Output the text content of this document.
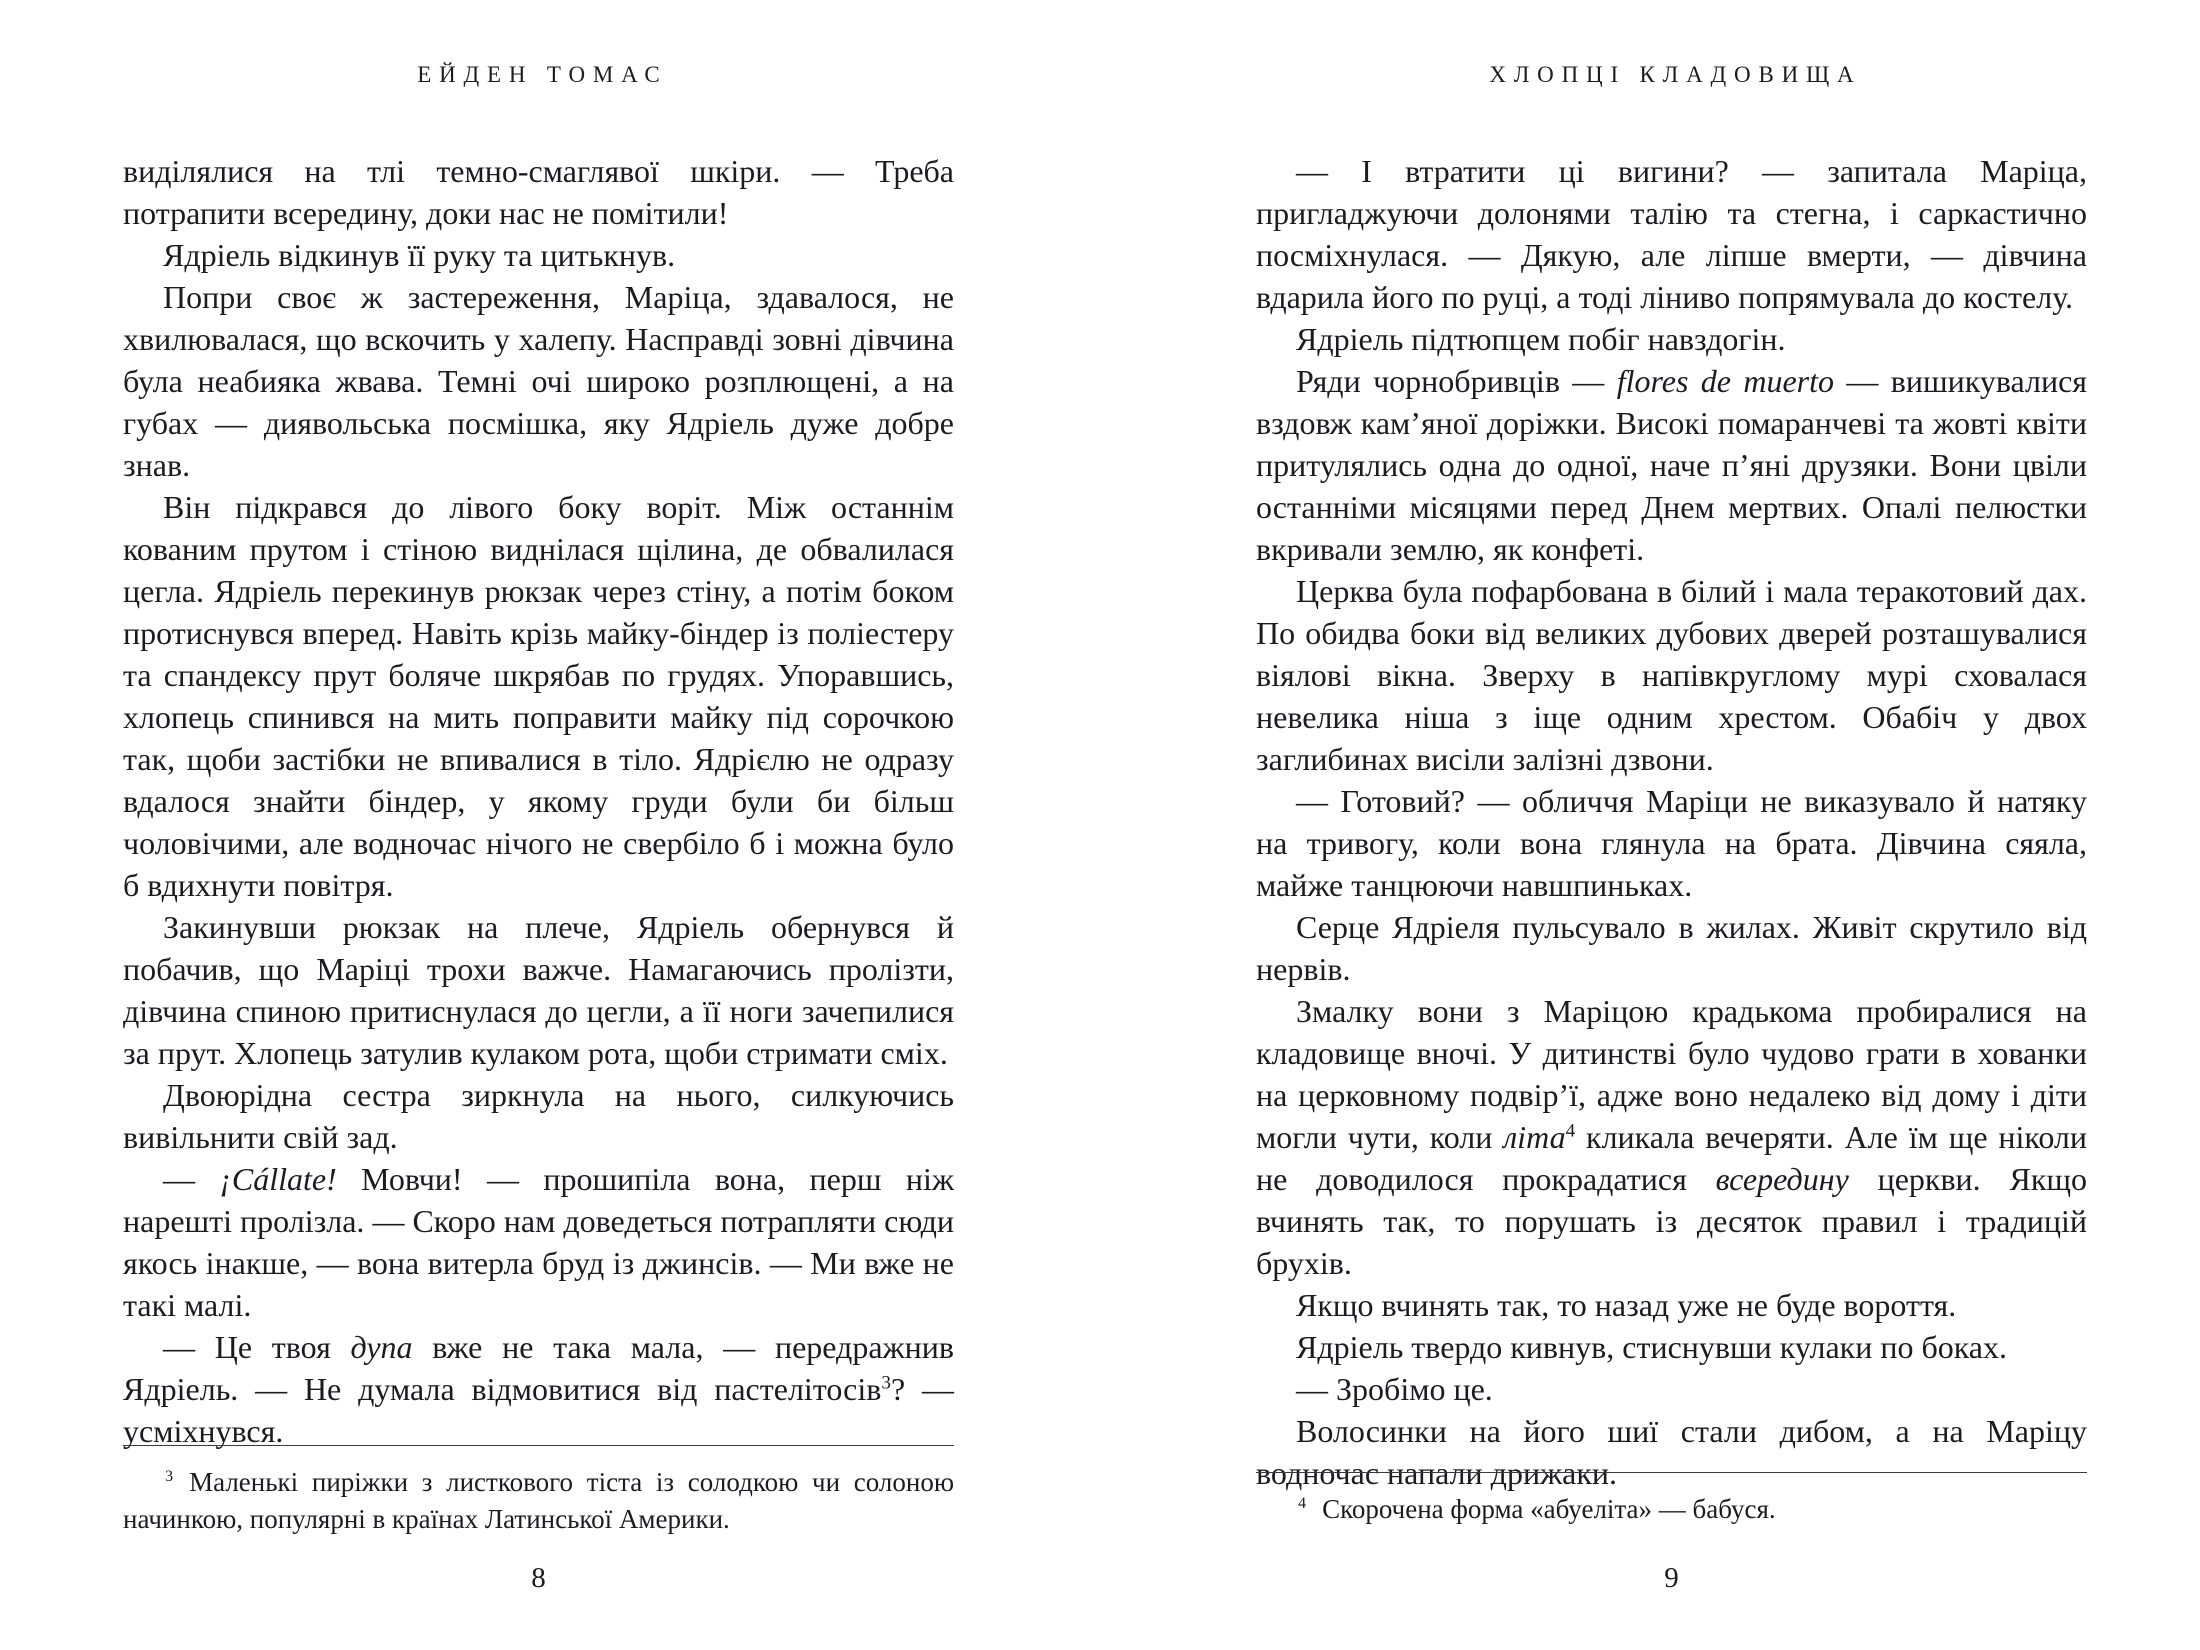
ЕЙДЕН ТОМАС

виділялися на тлі темно-смаглявої шкіри. — Треба потрапити всередину, доки нас не помітили!

Ядріель відкинув її руку та цитькнув.

Попри своє ж застереження, Маріца, здавалося, не хвилювалася, що вскочить у халепу. Насправді зовні дівчина була неабияка жвава. Темні очі широко розплющені, а на губах — диявольська посмішка, яку Ядріель дуже добре знав.

Він підкрався до лівого боку воріт. Між останнім кованим прутом і стіною виднілася щілина, де обвалилася цегла. Ядріель перекинув рюкзак через стіну, а потім боком протиснувся вперед. Навіть крізь майку-біндер із поліестеру та спандексу прут боляче шкрябав по грудях. Упоравшись, хлопець спинився на мить поправити майку під сорочкою так, щоби застібки не впивалися в тіло. Ядрієлю не одразу вдалося знайти біндер, у якому груди були би більш чоловічими, але водночас нічого не свербіло б і можна було б вдихнути повітря.

Закинувши рюкзак на плече, Ядріель обернувся й побачив, що Маріці трохи важче. Намагаючись пролізти, дівчина спиною притиснулася до цегли, а її ноги зачепилися за прут. Хлопець затулив кулаком рота, щоби стримати сміх.

Двоюрідна сестра зиркнула на нього, силкуючись вивільнити свій зад.

— ¡Cállate! Мовчи! — прошипіла вона, перш ніж нарешті пролізла. — Скоро нам доведеться потрапляти сюди якось інакше, — вона витерла бруд із джинсів. — Ми вже не такі малі.

— Це твоя дупа вже не така мала, — передражнив Ядріель. — Не думала відмовитися від пастелітосів$^3$? — усміхнувся.

$^3$ Маленькі пиріжки з листкового тіста із солодкою чи солоною начинкою, популярні в країнах Латинської Америки.

8
ХЛОПЦІ КЛАДОВИЩА

— І втратити ці вигини? — запитала Маріца, пригладжуючи долонями талію та стегна, і саркастично посміхнулася. — Дякую, але ліпше вмерти, — дівчина вдарила його по руці, а тоді ліниво попрямувала до костелу.

Ядріель підтюпцем побіг навздогін.

Ряди чорнобривців — flores de muerto — вишикувалися вздовж кам’яної доріжки. Високі помаранчеві та жовті квіти притулялись одна до одної, наче п’яні друзяки. Вони цвіли останніми місяцями перед Днем мертвих. Опалі пелюстки вкривали землю, як конфеті.

Церква була пофарбована в білий і мала теракотовий дах. По обидва боки від великих дубових дверей розташувалися віялові вікна. Зверху в напівкруглому мурі сховалася невелика ніша з іще одним хрестом. Обабіч у двох заглибинах висіли залізні дзвони.

— Готовий? — обличчя Маріци не виказувало й натяку на тривогу, коли вона глянула на брата. Дівчина сяяла, майже танцюючи навшпиньках.

Серце Ядріеля пульсувало в жилах. Живіт скрутило від нервів.

Змалку вони з Маріцою крадькома пробиралися на кладовище вночі. У дитинстві було чудово грати в хованки на церковному подвір’ї, адже воно недалеко від дому і діти могли чути, коли літа$^4$ кликала вечеряти. Але їм ще ніколи не доводилося прокрадатися всередину церкви. Якщо вчинять так, то порушать із десяток правил і традицій брухів.

Якщо вчинять так, то назад уже не буде вороття.

Ядріель твердо кивнув, стиснувши кулаки по боках.

— Зробімо це.

Волосинки на його шиї стали дибом, а на Маріцу водночас напали дрижаки.

$^4$ Скорочена форма «абуеліта» — бабуся.

9
